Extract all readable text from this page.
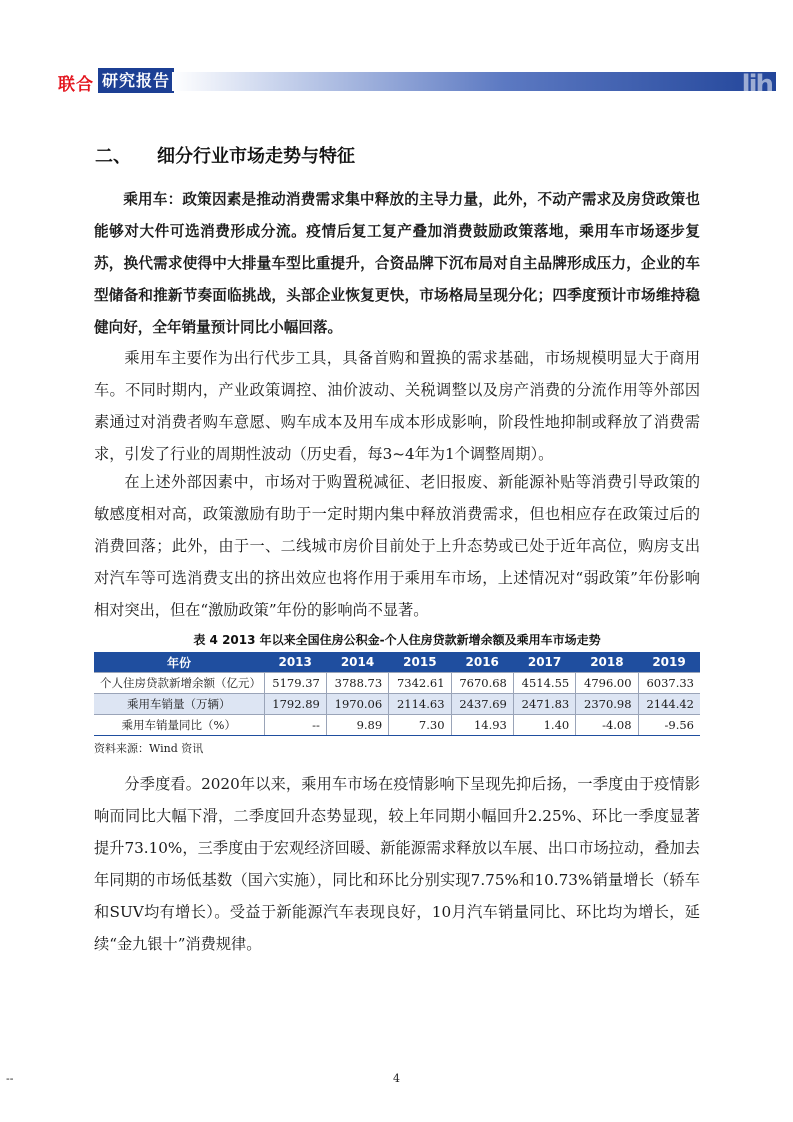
联合 研究报告	lih
二、 细分行业市场走势与特征

乘用车：政策因素是推动消费需求集中释放的主导力量，此外，不动产需求及房贷政策也能够对大件可选消费形成分流。疫情后复工复产叠加消费鼓励政策落地，乘用车市场逐步复苏，换代需求使得中大排量车型比重提升，合资品牌下沉布局对自主品牌形成压力，企业的车型储备和推新节奏面临挑战，头部企业恢复更快，市场格局呈现分化；四季度预计市场维持稳健向好，全年销量预计同比小幅回落。

乘用车主要作为出行代步工具，具备首购和置换的需求基础，市场规模明显大于商用车。不同时期内，产业政策调控、油价波动、关税调整以及房产消费的分流作用等外部因素通过对消费者购车意愿、购车成本及用车成本形成影响，阶段性地抑制或释放了消费需求，引发了行业的周期性波动（历史看，每3~4年为1个调整周期）。

在上述外部因素中，市场对于购置税减征、老旧报废、新能源补贴等消费引导政策的敏感度相对高，政策激励有助于一定时期内集中释放消费需求，但也相应存在政策过后的消费回落；此外，由于一、二线城市房价目前处于上升态势或已处于近年高位，购房支出对汽车等可选消费支出的挤出效应也将作用于乘用车市场，上述情况对“弱政策”年份影响相对突出，但在“激励政策”年份的影响尚不显著。

表 4 2013 年以来全国住房公积金-个人住房贷款新增余额及乘用车市场走势
年份	2013	2014	2015	2016	2017	2018	2019
个人住房贷款新增余额（亿元）	5179.37	3788.73	7342.61	7670.68	4514.55	4796.00	6037.33
乘用车销量（万辆）	1792.89	1970.06	2114.63	2437.69	2471.83	2370.98	2144.42
乘用车销量同比（%）	--	9.89	7.30	14.93	1.40	-4.08	-9.56
资料来源：Wind 资讯

分季度看。2020年以来，乘用车市场在疫情影响下呈现先抑后扬，一季度由于疫情影响而同比大幅下滑，二季度回升态势显现，较上年同期小幅回升2.25%、环比一季度显著提升73.10%，三季度由于宏观经济回暖、新能源需求释放以车展、出口市场拉动，叠加去年同期的市场低基数（国六实施），同比和环比分别实现7.75%和10.73%销量增长（轿车和SUV均有增长）。受益于新能源汽车表现良好，10月汽车销量同比、环比均为增长，延续“金九银十”消费规律。

--	4
